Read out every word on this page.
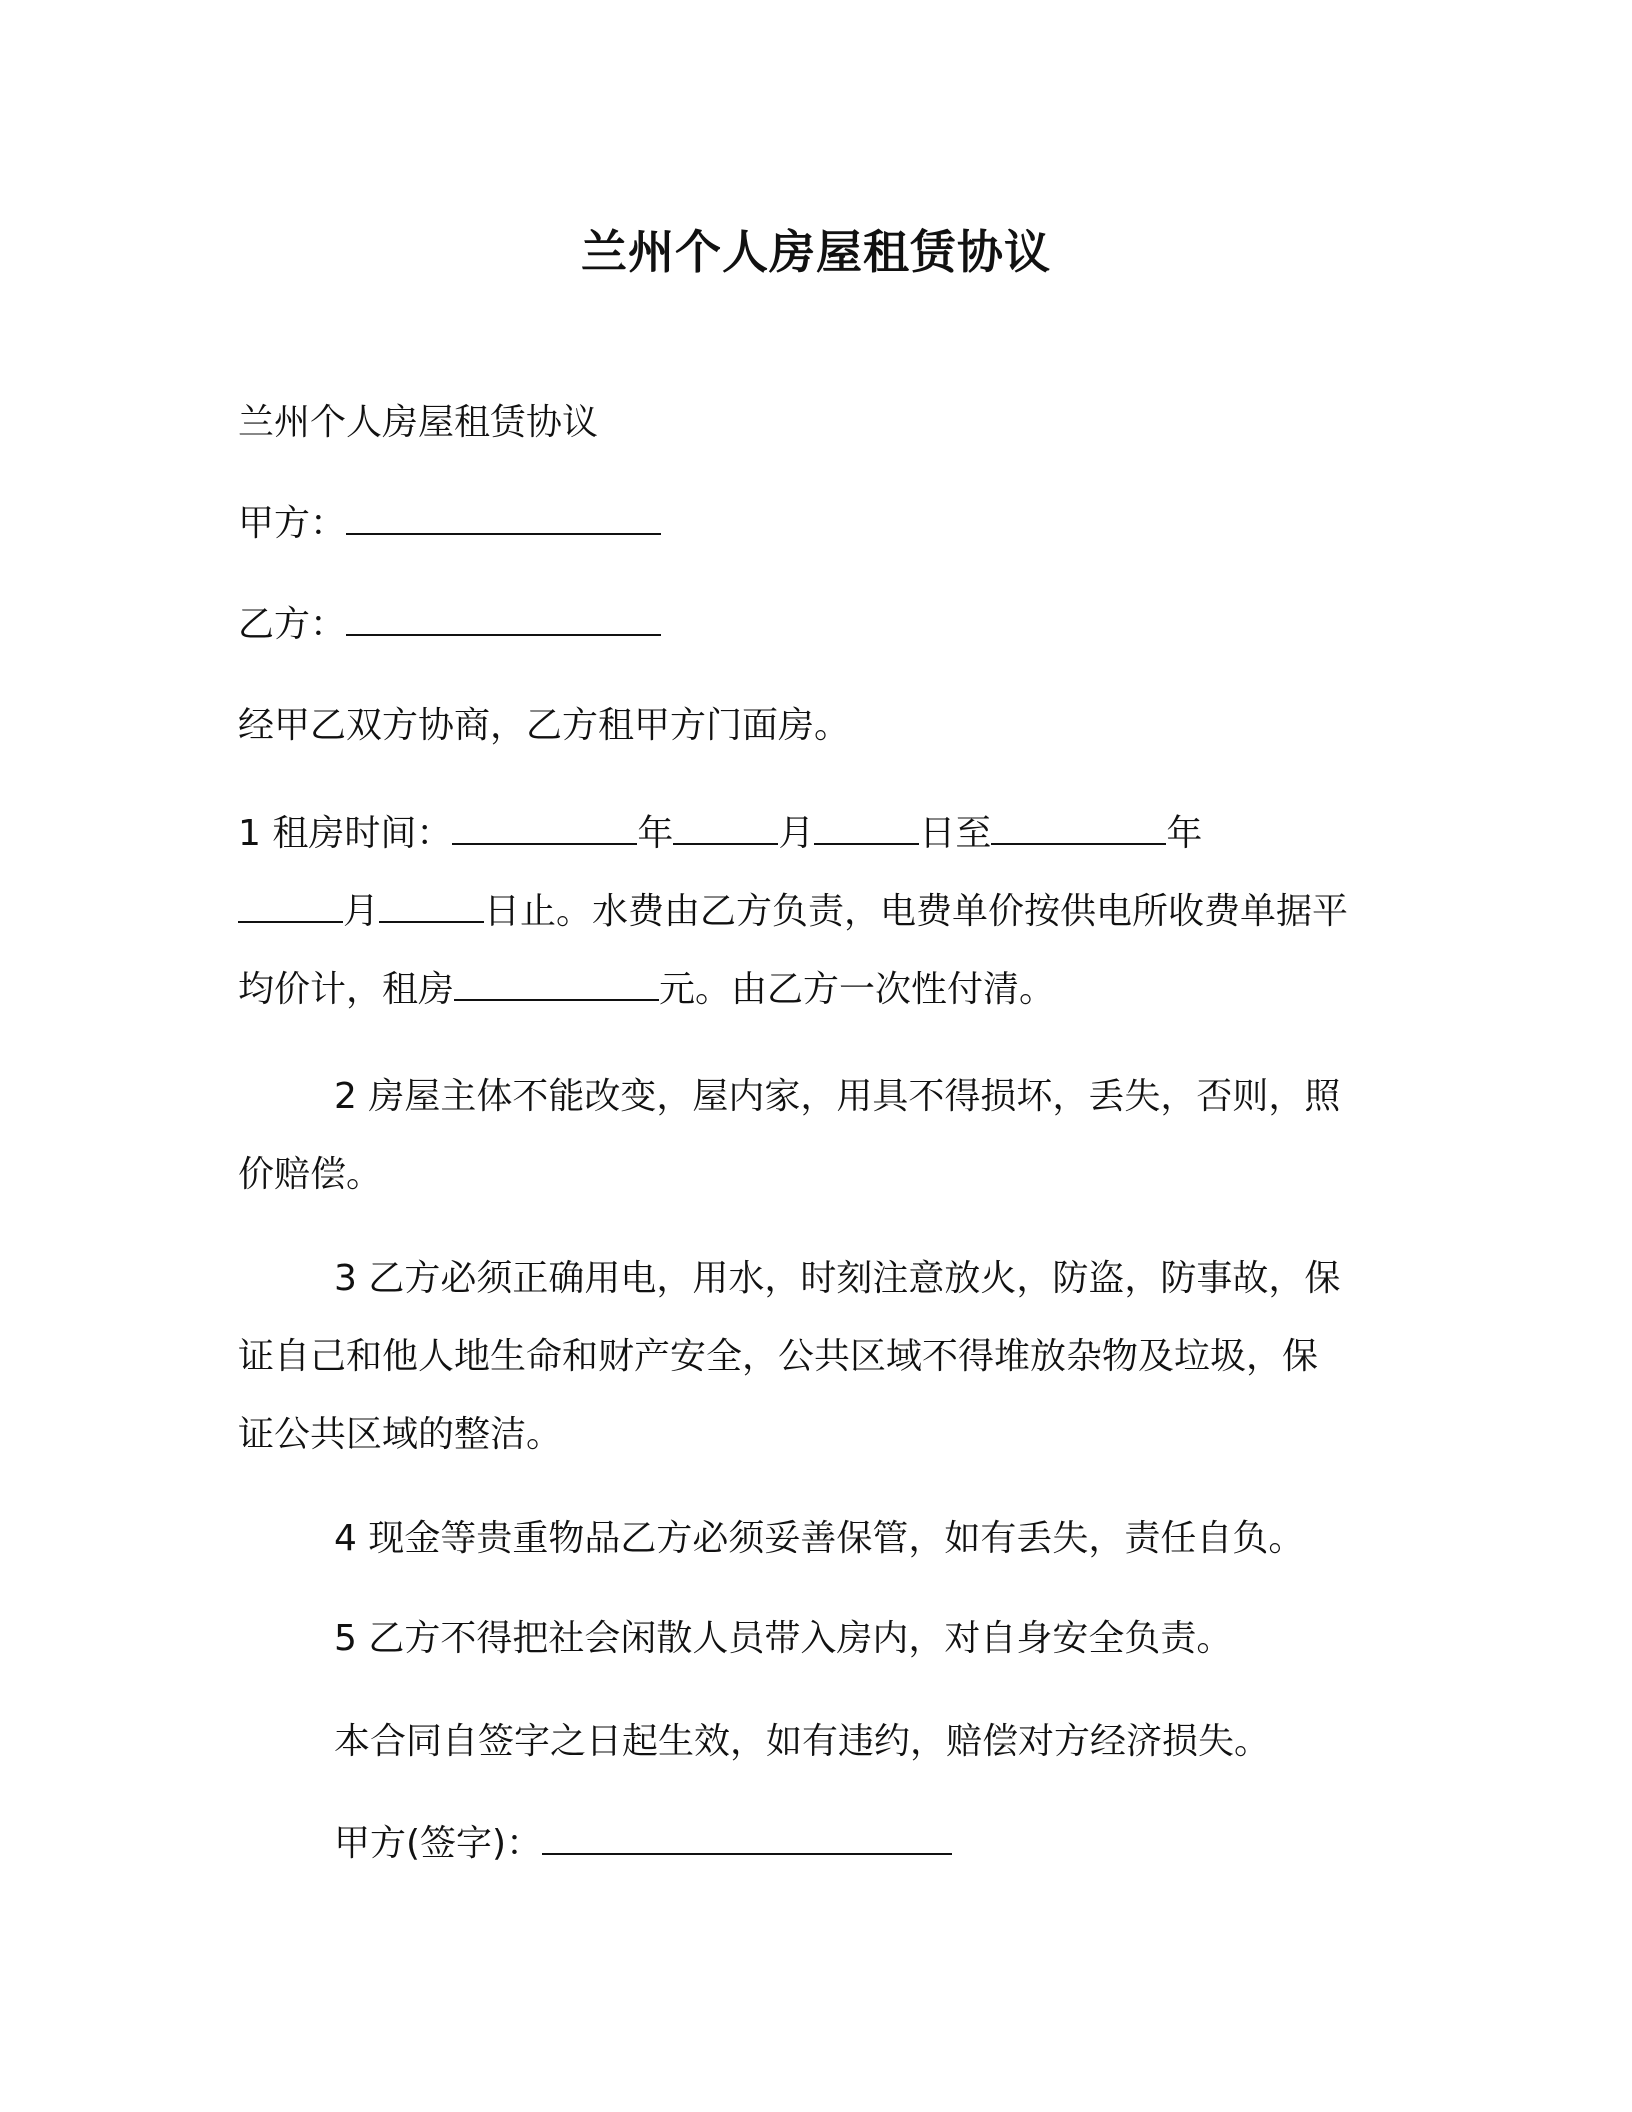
兰州个人房屋租赁协议
兰州个人房屋租赁协议
甲方：
乙方：
经甲乙双方协商，乙方租甲方门面房。
1 租房时间：	年	月	日至	年
月	日止。水费由乙方负责，电费单价按供电所收费单据平
均价计，租房	元。由乙方一次性付清。
2 房屋主体不能改变，屋内家，用具不得损坏，丢失，否则，照
价赔偿。
3 乙方必须正确用电，用水，时刻注意放火，防盗，防事故，保
证自己和他人地生命和财产安全，公共区域不得堆放杂物及垃圾，保
证公共区域的整洁。
4 现金等贵重物品乙方必须妥善保管，如有丢失，责任自负。
5 乙方不得把社会闲散人员带入房内，对自身安全负责。
本合同自签字之日起生效，如有违约，赔偿对方经济损失。
甲方(签字)：
